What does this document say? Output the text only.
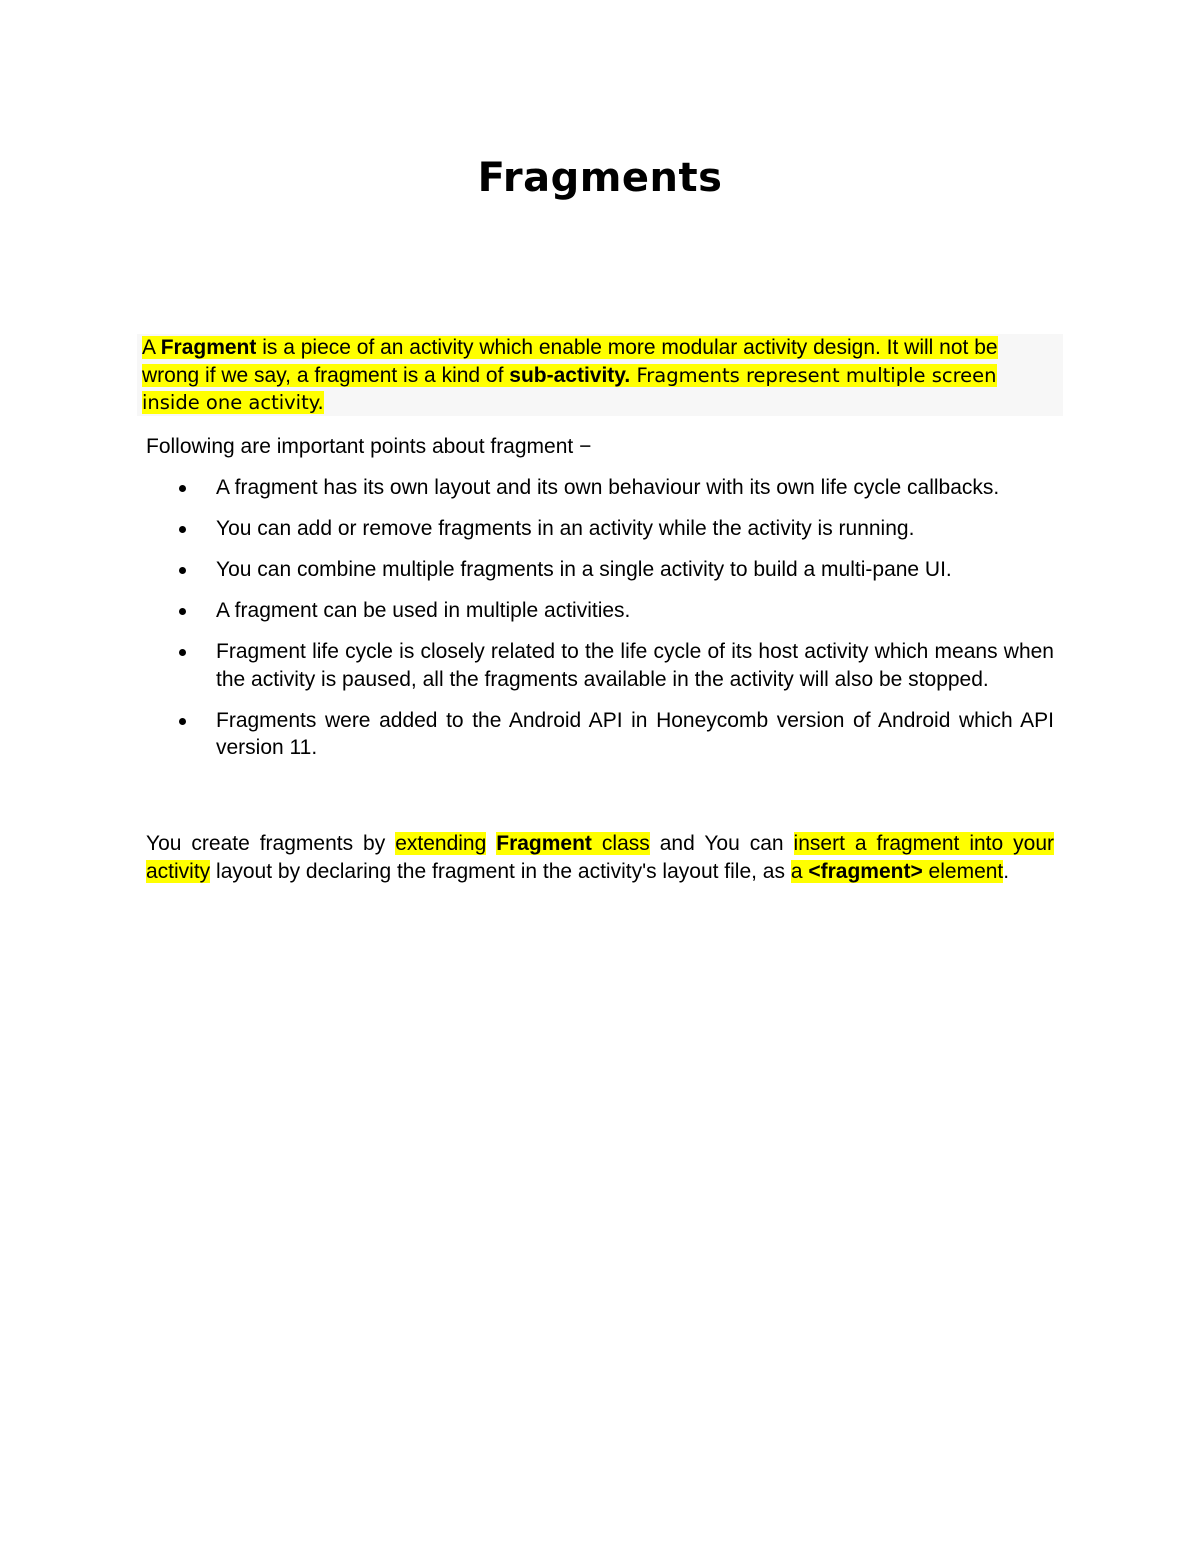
Fragments
A Fragment is a piece of an activity which enable more modular activity design. It will not be wrong if we say, a fragment is a kind of sub-activity. Fragments represent multiple screen inside one activity.
Following are important points about fragment −
A fragment has its own layout and its own behaviour with its own life cycle callbacks.
You can add or remove fragments in an activity while the activity is running.
You can combine multiple fragments in a single activity to build a multi-pane UI.
A fragment can be used in multiple activities.
Fragment life cycle is closely related to the life cycle of its host activity which means when the activity is paused, all the fragments available in the activity will also be stopped.
Fragments were added to the Android API in Honeycomb version of Android which API version 11.
You create fragments by extending Fragment class and You can insert a fragment into your activity layout by declaring the fragment in the activity's layout file, as a <fragment> element.
